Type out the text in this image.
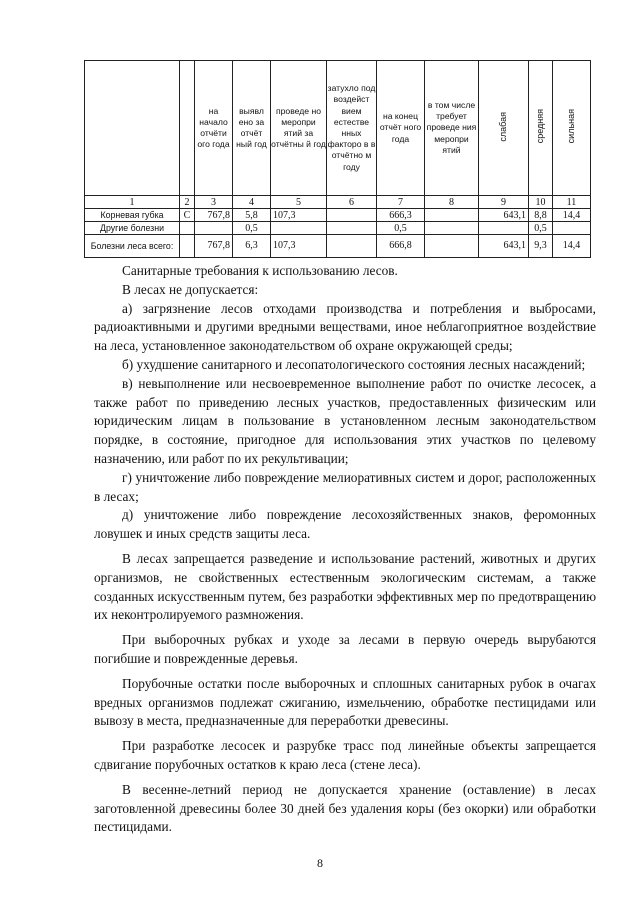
		на начало отчёти ого года	выявл ено за отчёт ный год	проведе но меропри ятий за отчётны й год	затухло под воздейст вием естестве нных факторо в в отчётно м году	на конец отчёт ного года	в том числе требует проведе ния меропри ятий	слабая	средняя	сильная
1	2	3	4	5	6	7	8	9	10	11
Корневая губка	С	767,8	5,8	107,3		666,3		643,1	8,8	14,4
Другие болезни			0,5			0,5			0,5	
Болезни леса всего:		767,8	6,3	107,3		666,8		643,1	9,3	14,4

Санитарные требования к использованию лесов.

В лесах не допускается:

а) загрязнение лесов отходами производства и потребления и выбросами, радиоактивными и другими вредными веществами, иное неблагоприятное воздействие на леса, установленное законодательством об охране окружающей среды;

б) ухудшение санитарного и лесопатологического состояния лесных насаждений;

в) невыполнение или несвоевременное выполнение работ по очистке лесосек, а также работ по приведению лесных участков, предоставленных физическим или юридическим лицам в пользование в установленном лесным законодательством порядке, в состояние, пригодное для использования этих участков по целевому назначению, или работ по их рекультивации;

г) уничтожение либо повреждение мелиоративных систем и дорог, расположенных в лесах;

д) уничтожение либо повреждение лесохозяйственных знаков, феромонных ловушек и иных средств защиты леса.

В лесах запрещается разведение и использование растений, животных и других организмов, не свойственных естественным экологическим системам, а также созданных искусственным путем, без разработки эффективных мер по предотвращению их неконтролируемого размножения.

При выборочных рубках и уходе за лесами в первую очередь вырубаются погибшие и поврежденные деревья.

Порубочные остатки после выборочных и сплошных санитарных рубок в очагах вредных организмов подлежат сжиганию, измельчению, обработке пестицидами или вывозу в места, предназначенные для переработки древесины.

При разработке лесосек и разрубке трасс под линейные объекты запрещается сдвигание порубочных остатков к краю леса (стене леса).

В весенне-летний период не допускается хранение (оставление) в лесах заготовленной древесины более 30 дней без удаления коры (без окорки) или обработки пестицидами.

8
